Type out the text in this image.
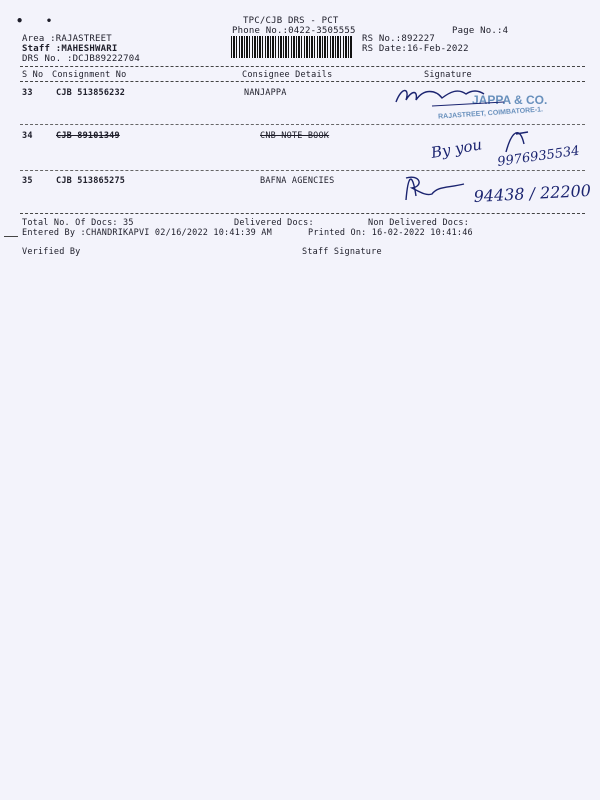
• •	TPC/CJB DRS - PCT
Phone No.:0422-3505555	Page No.:4
Area :RAJASTREET
Staff :MAHESHWARI
DRS No. :DCJB89222704
RS No.:892227
RS Date:16-Feb-2022
S No Consignment No	Consignee Details	Signature
33	CJB 513856232	NANJAPPA
34	CJB 89101349	CNB NOTE BOOK
35	CJB 513865275	BAFNA AGENCIES
JAPPA & CO.
RAJASTREET, COIMBATORE-1.
By you 9976935534
94438 / 22200
Total No. Of Docs: 35	Delivered Docs:	Non Delivered Docs:
Entered By :CHANDRIKAPVI 02/16/2022 10:41:39 AM	Printed On: 16-02-2022 10:41:46
Verified By	Staff Signature
